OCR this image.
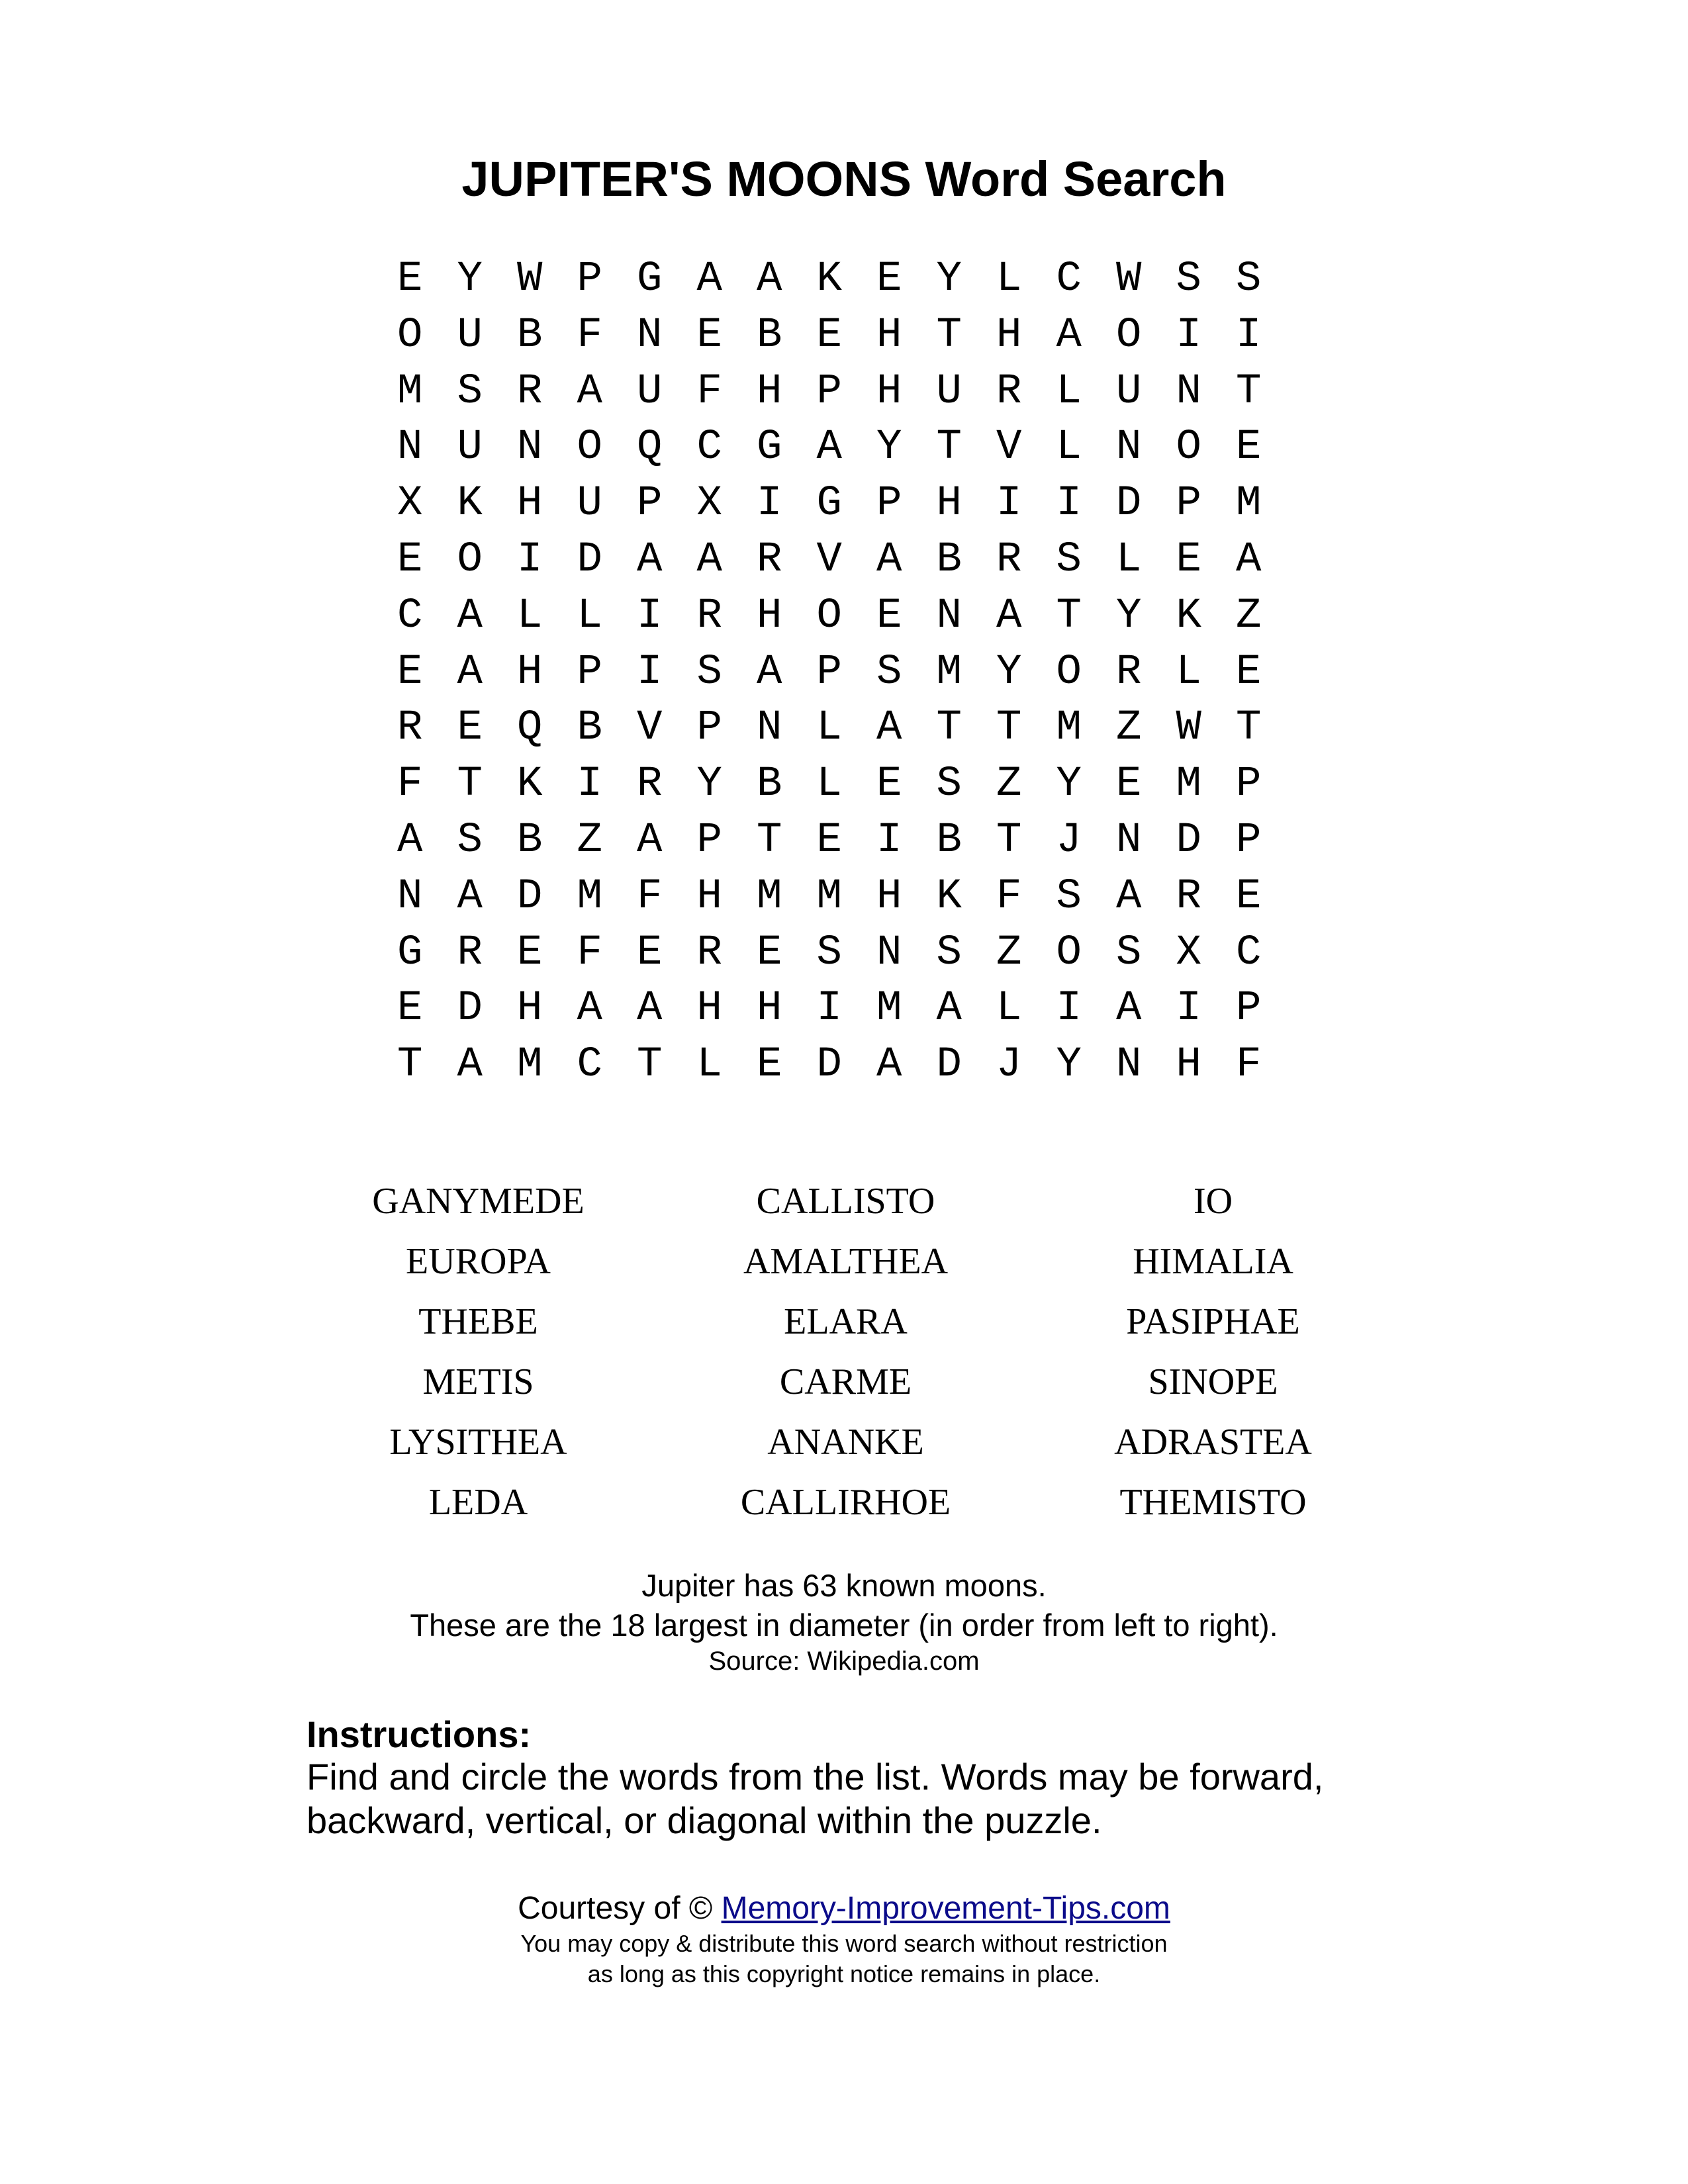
JUPITER'S MOONS Word Search
E Y W P G A A K E Y L C W S S
O U B F N E B E H T H A O I I
M S R A U F H P H U R L U N T
N U N O Q C G A Y T V L N O E
X K H U P X I G P H I I D P M
E O I D A A R V A B R S L E A
C A L L I R H O E N A T Y K Z
E A H P I S A P S M Y O R L E
R E Q B V P N L A T T M Z W T
F T K I R Y B L E S Z Y E M P
A S B Z A P T E I B T J N D P
N A D M F H M M H K F S A R E
G R E F E R E S N S Z O S X C
E D H A A H H I M A L I A I P
T A M C T L E D A D J Y N H F
GANYMEDE	CALLISTO	IO
EUROPA	AMALTHEA	HIMALIA
THEBE	ELARA	PASIPHAE
METIS	CARME	SINOPE
LYSITHEA	ANANKE	ADRASTEA
LEDA	CALLIRHOE	THEMISTO
Jupiter has 63 known moons.
These are the 18 largest in diameter (in order from left to right).
Source: Wikipedia.com
Instructions:
Find and circle the words from the list. Words may be forward, backward, vertical, or diagonal within the puzzle.
Courtesy of © Memory-Improvement-Tips.com
You may copy & distribute this word search without restriction
as long as this copyright notice remains in place.
